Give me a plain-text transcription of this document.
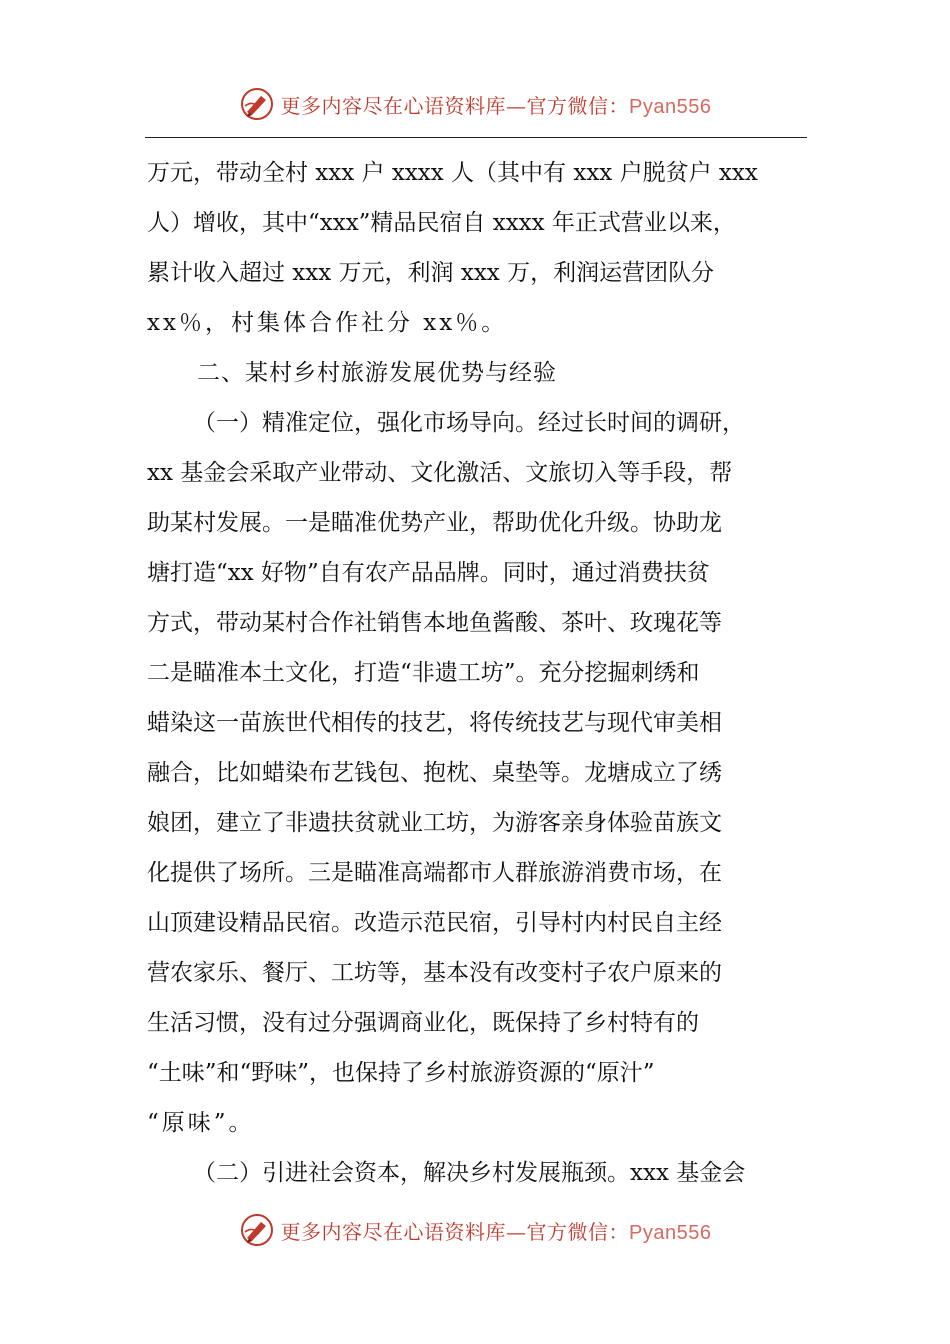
更多内容尽在心语资料库—官方微信：Pyan556
万元，带动全村 xxx 户 xxxx 人（其中有 xxx 户脱贫户 xxx
人）增收，其中“xxx”精品民宿自 xxxx 年正式营业以来，
累计收入超过 xxx 万元，利润 xxx 万，利润运营团队分
xx％，村集体合作社分 xx％。
二、某村乡村旅游发展优势与经验
（一）精准定位，强化市场导向。经过长时间的调研，
xx 基金会采取产业带动、文化激活、文旅切入等手段，帮
助某村发展。一是瞄准优势产业，帮助优化升级。协助龙
塘打造“xx 好物”自有农产品品牌。同时，通过消费扶贫
方式，带动某村合作社销售本地鱼酱酸、茶叶、玫瑰花等
二是瞄准本土文化，打造“非遗工坊”。充分挖掘刺绣和
蜡染这一苗族世代相传的技艺，将传统技艺与现代审美相
融合，比如蜡染布艺钱包、抱枕、桌垫等。龙塘成立了绣
娘团，建立了非遗扶贫就业工坊，为游客亲身体验苗族文
化提供了场所。三是瞄准高端都市人群旅游消费市场，在
山顶建设精品民宿。改造示范民宿，引导村内村民自主经
营农家乐、餐厅、工坊等，基本没有改变村子农户原来的
生活习惯，没有过分强调商业化，既保持了乡村特有的
“土味”和“野味”，也保持了乡村旅游资源的“原汁”
“原味”。
（二）引进社会资本，解决乡村发展瓶颈。xxx 基金会
更多内容尽在心语资料库—官方微信：Pyan556
